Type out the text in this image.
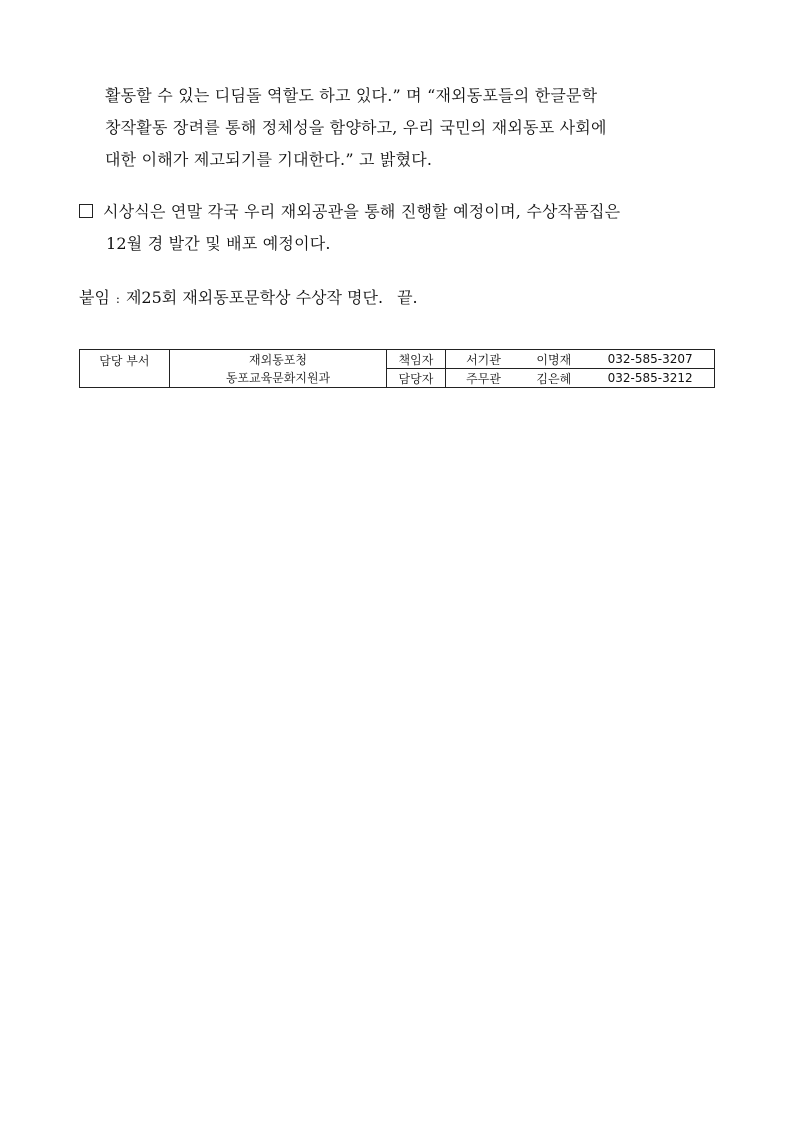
활동할 수 있는 디딤돌 역할도 하고 있다.” 며 “재외동포들의 한글문학
창작활동 장려를 통해 정체성을 함양하고, 우리 국민의 재외동포 사회에
대한 이해가 제고되기를 기대한다.” 고 밝혔다.
시상식은 연말 각국 우리 재외공관을 통해 진행할 예정이며, 수상작품집은
12월 경 발간 및 배포 예정이다.
붙임 : 제25회 재외동포문학상 수상작 명단. 끝.
담당 부서	재외동포청	책임자	서기관	이명재	032-585-3207
	동포교육문화지원과	담당자	주무관	김은혜	032-585-3212
